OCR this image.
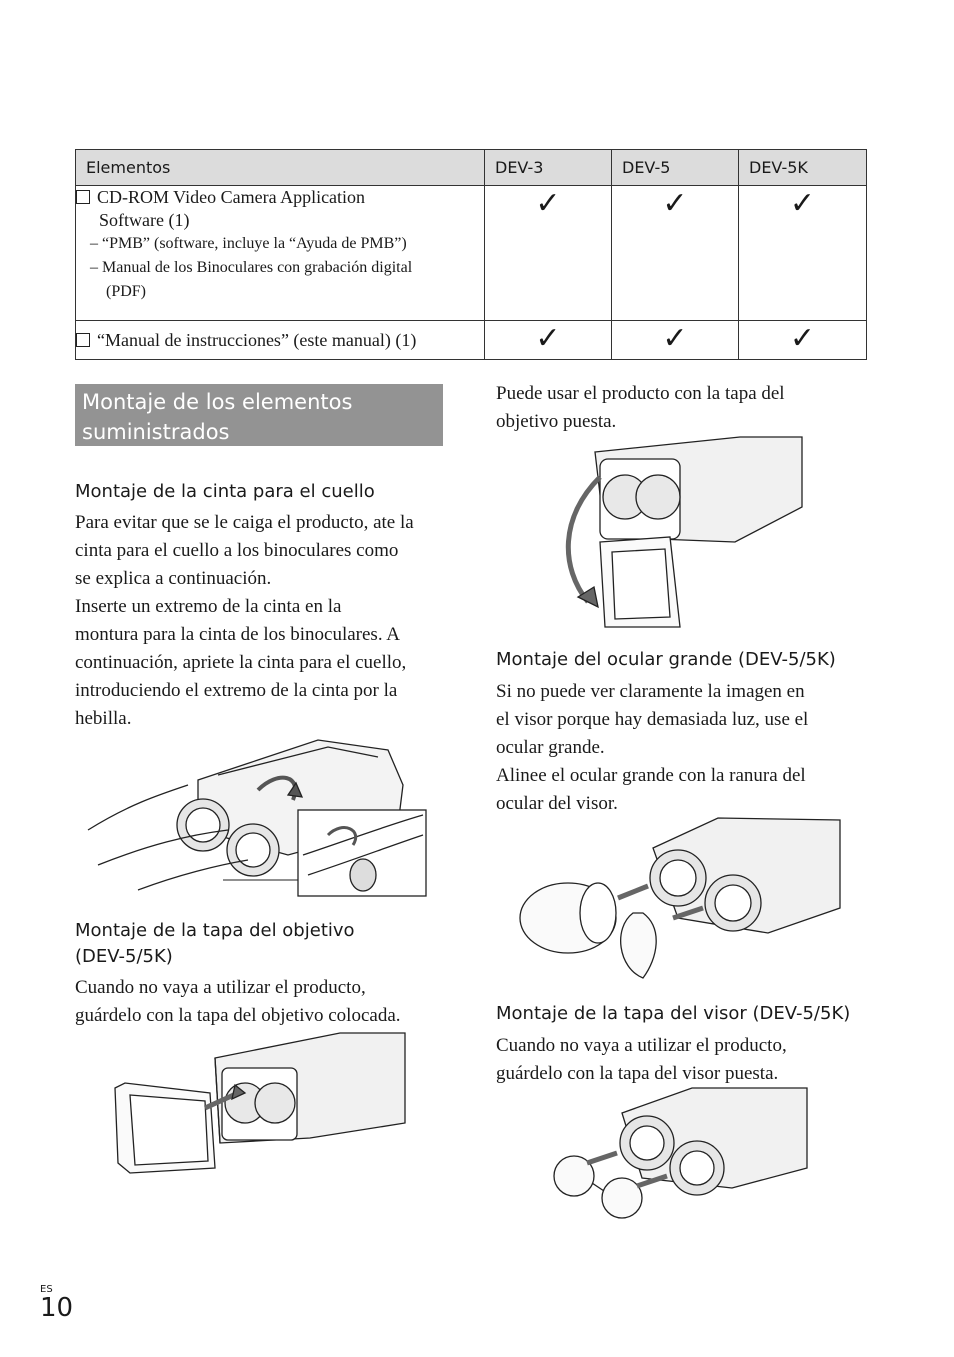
Elementos	DEV-3	DEV-5	DEV-5K

CD-ROM Video Camera Application
Software (1)
– “PMB” (software, incluye la “Ayuda de PMB”)
– Manual de los Binoculares con grabación digital
(PDF)	✓	✓	✓
“Manual de instrucciones” (este manual) (1)	✓	✓	✓
Montaje de los elementos
suministrados
Montaje de la cinta para el cuello
Para evitar que se le caiga el producto, ate la
cinta para el cuello a los binoculares como
se explica a continuación.
Inserte un extremo de la cinta en la
montura para la cinta de los binoculares. A
continuación, apriete la cinta para el cuello,
introduciendo el extremo de la cinta por la
hebilla.
Montaje de la tapa del objetivo
(DEV-5/5K)
Cuando no vaya a utilizar el producto,
guárdelo con la tapa del objetivo colocada.
Puede usar el producto con la tapa del
objetivo puesta.
Montaje del ocular grande (DEV-5/5K)
Si no puede ver claramente la imagen en
el visor porque hay demasiada luz, use el
ocular grande.
Alinee el ocular grande con la ranura del
ocular del visor.
Montaje de la tapa del visor (DEV-5/5K)
Cuando no vaya a utilizar el producto,
guárdelo con la tapa del visor puesta.
ES
10
